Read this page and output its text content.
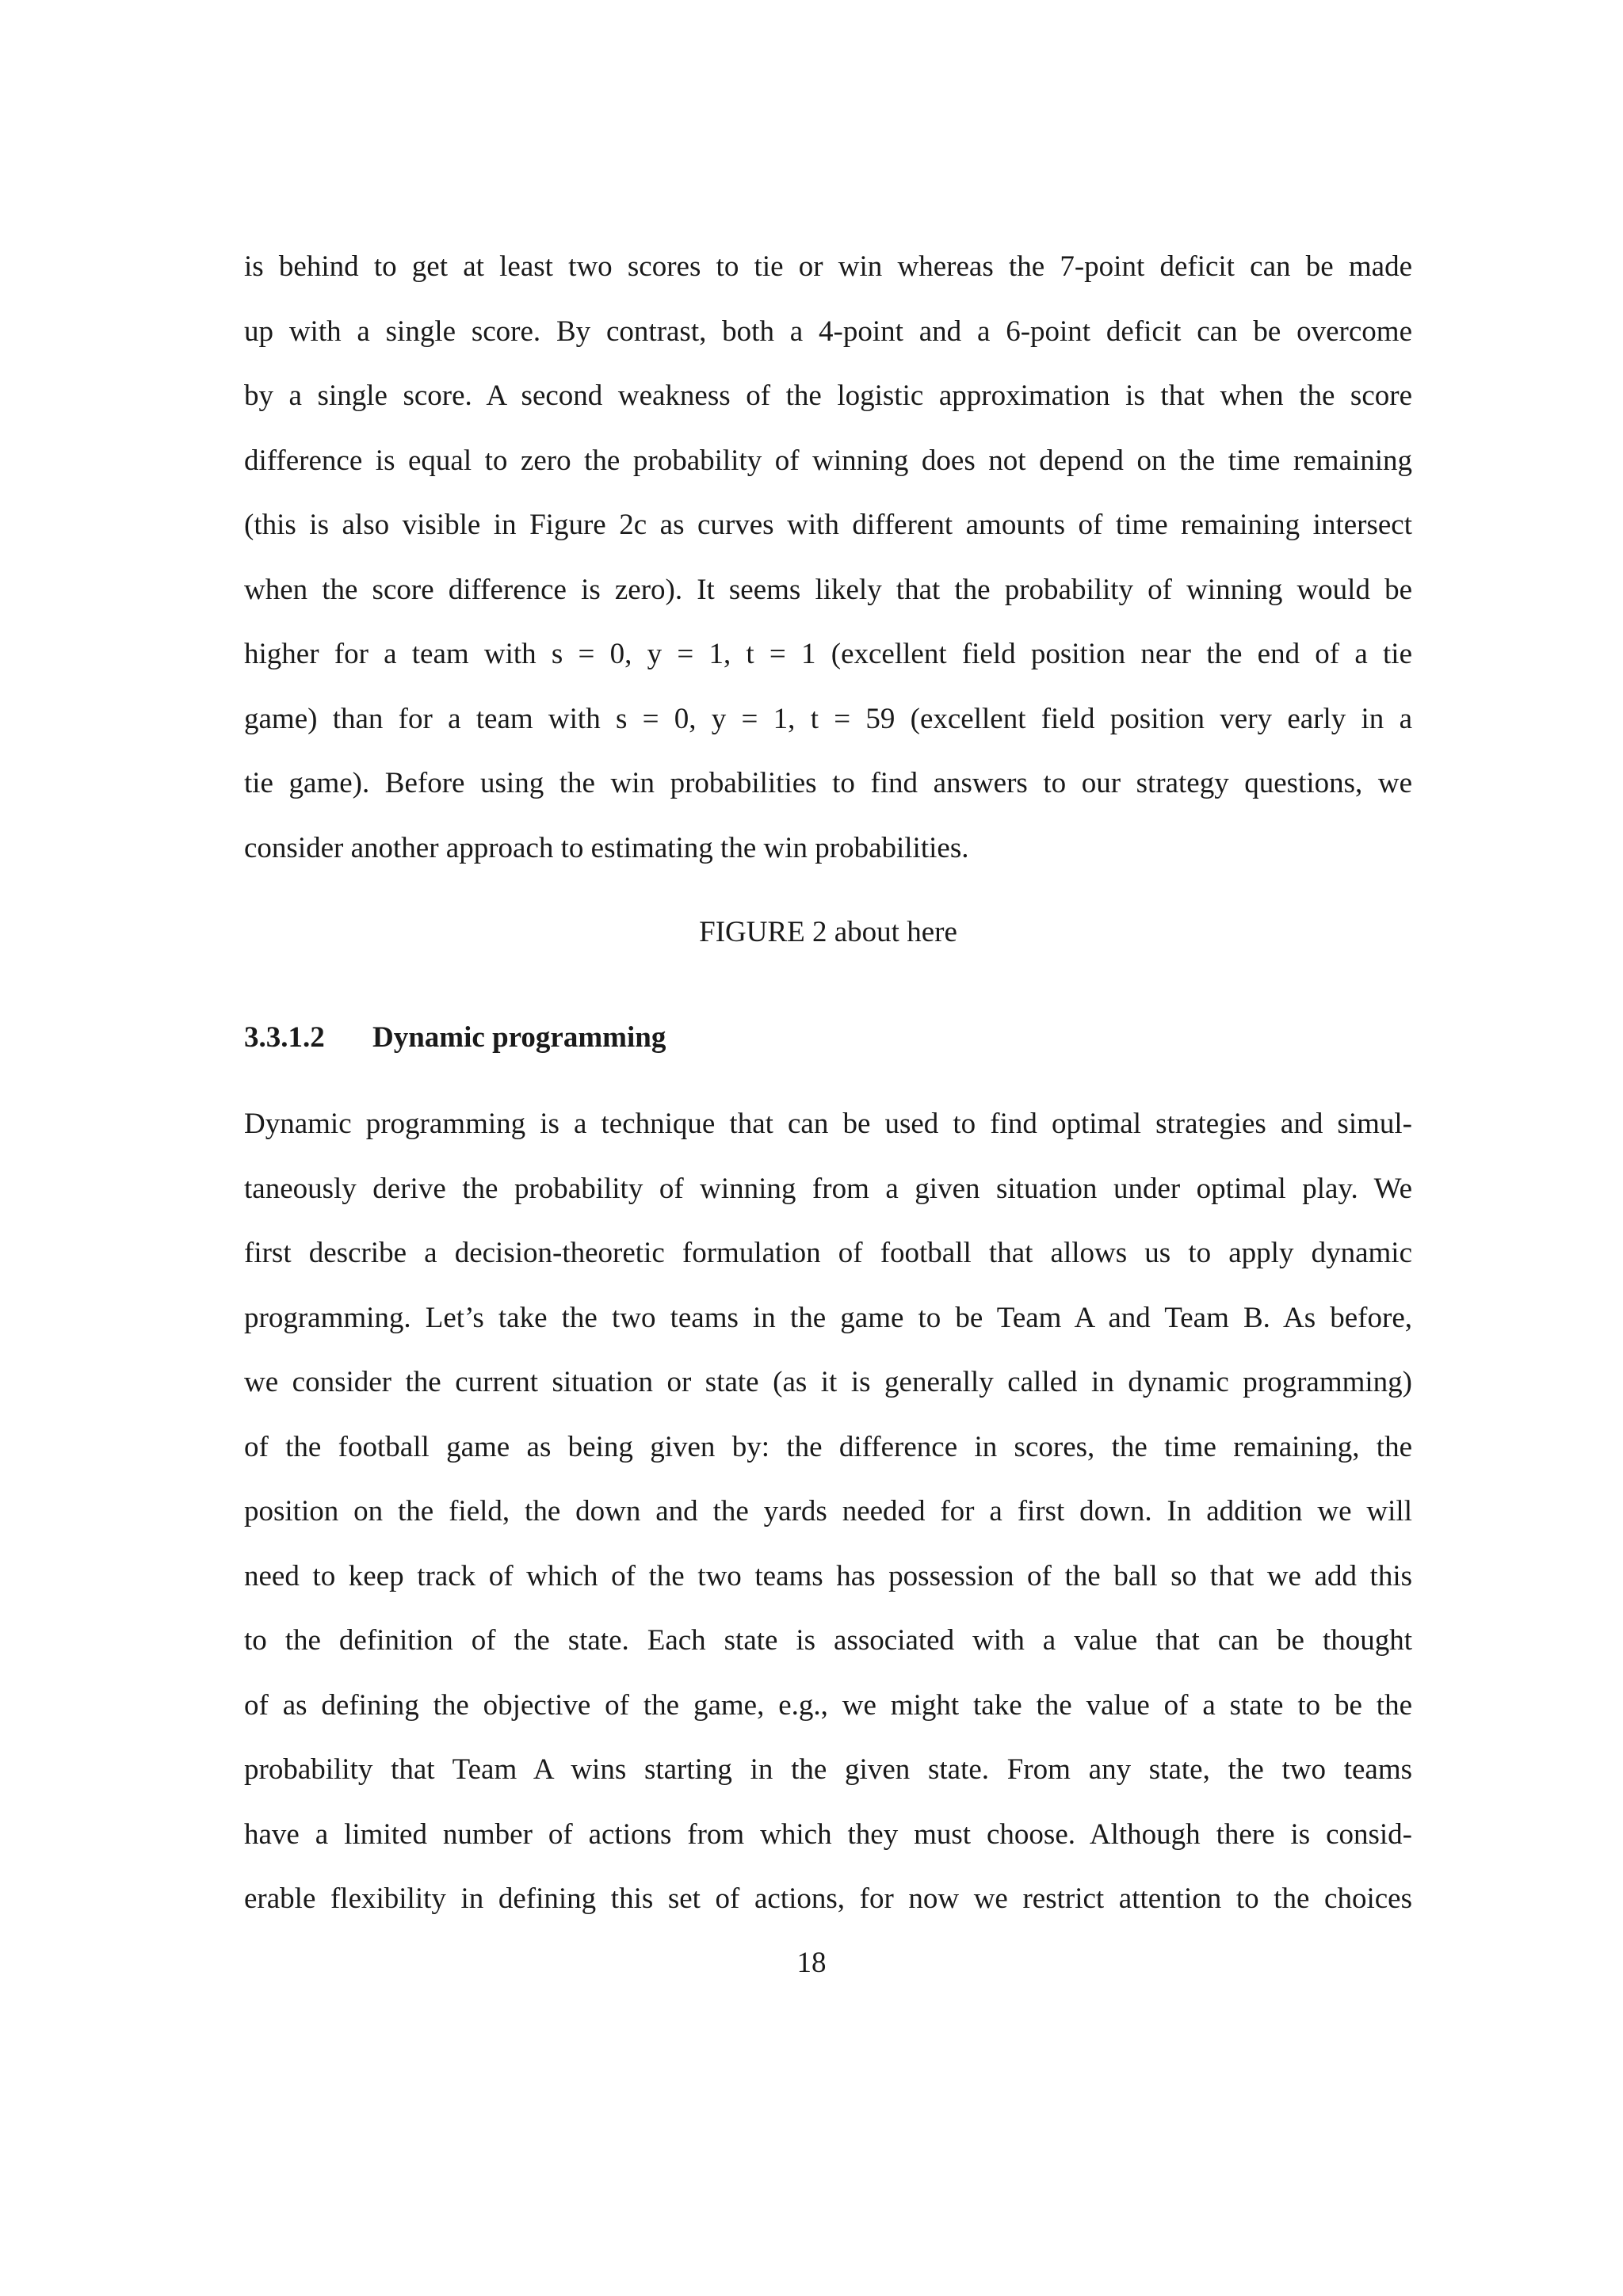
is behind to get at least two scores to tie or win whereas the 7-point deficit can be made
up with a single score. By contrast, both a 4-point and a 6-point deficit can be overcome
by a single score. A second weakness of the logistic approximation is that when the score
difference is equal to zero the probability of winning does not depend on the time remaining
(this is also visible in Figure 2c as curves with different amounts of time remaining intersect
when the score difference is zero). It seems likely that the probability of winning would be
higher for a team with s = 0, y = 1, t = 1 (excellent field position near the end of a tie
game) than for a team with s = 0, y = 1, t = 59 (excellent field position very early in a
tie game). Before using the win probabilities to find answers to our strategy questions, we
consider another approach to estimating the win probabilities.
FIGURE 2 about here
3.3.1.2 Dynamic programming
Dynamic programming is a technique that can be used to find optimal strategies and simul-
taneously derive the probability of winning from a given situation under optimal play. We
first describe a decision-theoretic formulation of football that allows us to apply dynamic
programming. Let’s take the two teams in the game to be Team A and Team B. As before,
we consider the current situation or state (as it is generally called in dynamic programming)
of the football game as being given by: the difference in scores, the time remaining, the
position on the field, the down and the yards needed for a first down. In addition we will
need to keep track of which of the two teams has possession of the ball so that we add this
to the definition of the state. Each state is associated with a value that can be thought
of as defining the objective of the game, e.g., we might take the value of a state to be the
probability that Team A wins starting in the given state. From any state, the two teams
have a limited number of actions from which they must choose. Although there is consid-
erable flexibility in defining this set of actions, for now we restrict attention to the choices
18
